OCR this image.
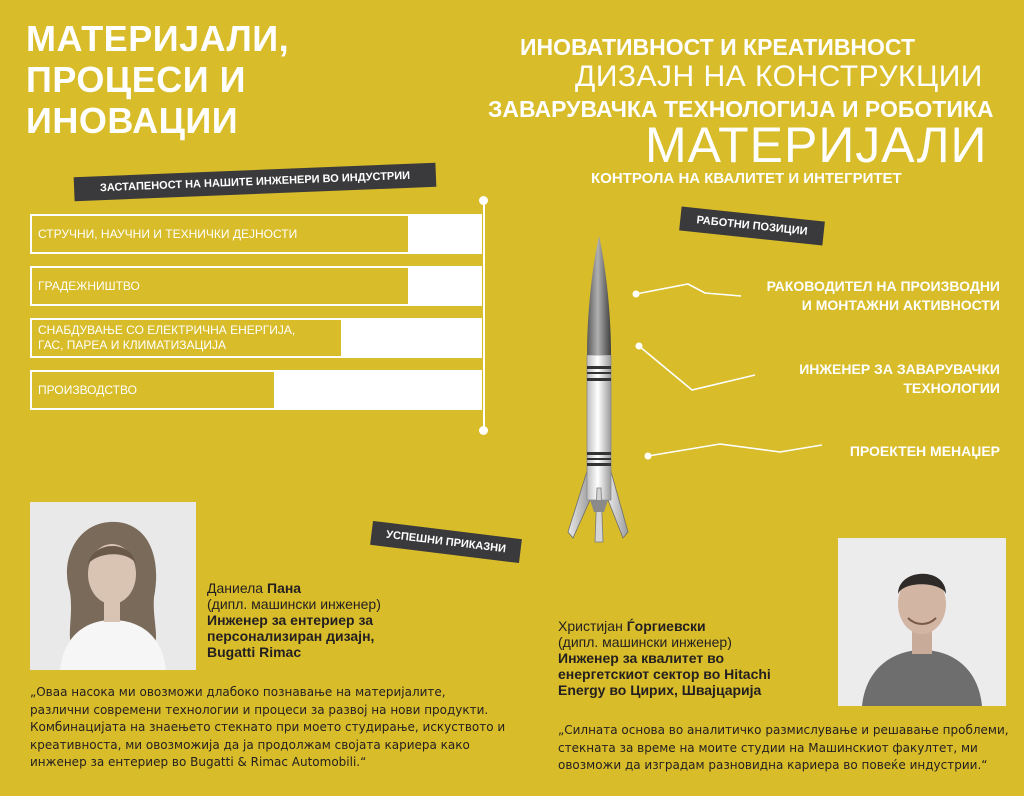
МАТЕРИЈАЛИ,
ПРОЦЕСИ И
ИНОВАЦИИ
ИНОВАТИВНОСТ И КРЕАТИВНОСТ
ДИЗАЈН НА КОНСТРУКЦИИ
ЗАВАРУВАЧКА ТЕХНОЛОГИЈА И РОБОТИКА
МАТЕРИЈАЛИ
КОНТРОЛА НА КВАЛИТЕТ И ИНТЕГРИТЕТ
ЗАСТАПЕНОСТ НА НАШИТЕ ИНЖЕНЕРИ ВО ИНДУСТРИИ
СТРУЧНИ, НАУЧНИ И ТЕХНИЧКИ ДЕЈНОСТИ
ГРАДЕЖНИШТВО
СНАБДУВАЊЕ СО ЕЛЕКТРИЧНА ЕНЕРГИЈА,
ГАС, ПАРЕА И КЛИМАТИЗАЦИЈА
ПРОИЗВОДСТВО
РАБОТНИ ПОЗИЦИИ
РАКОВОДИТЕЛ НА ПРОИЗВОДНИ
И МОНТАЖНИ АКТИВНОСТИ
ИНЖЕНЕР ЗА ЗАВАРУВАЧКИ
ТЕХНОЛОГИИ
ПРОЕКТЕН МЕНАЏЕР
УСПЕШНИ ПРИКАЗНИ
Даниела Пана
(дипл. машински инженер)
Инженер за ентериер за
персонализиран дизајн,
Bugatti Rimac
„Оваа насока ми овозможи длабоко познавање на материјалите,
различни современи технологии и процеси за развој на нови продукти.
Комбинацијата на знаењето стекнато при моето студирање, искуството и
креативноста, ми овозможија да ја продолжам својата кариера како
инженер за ентериер во Bugatti & Rimac Automobili.“
Христијан Ѓоргиевски
(дипл. машински инженер)
Инженер за квалитет во
енергетскиот сектор во Hitachi
Energy во Цирих, Швајцарија
„Силната основа во аналитичко размислување и решавање проблеми,
стекната за време на моите студии на Машинскиот факултет, ми
овозможи да изградам разновидна кариера во повеќе индустрии.“
